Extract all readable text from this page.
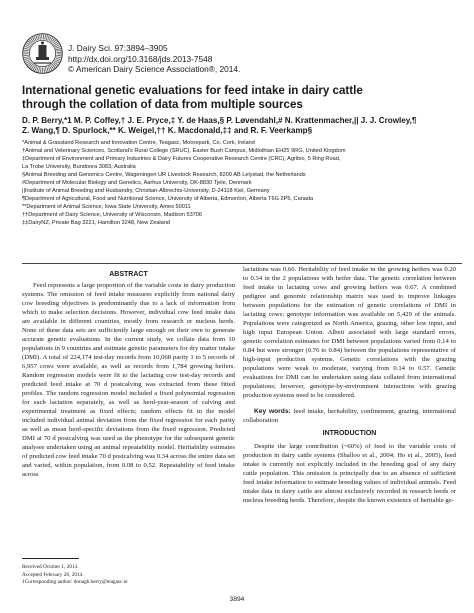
J. Dairy Sci. 97:3894–3905
http://dx.doi.org/10.3168/jds.2013-7548
© American Dairy Science Association®, 2014.
International genetic evaluations for feed intake in dairy cattle
through the collation of data from multiple sources
D. P. Berry,*1 M. P. Coffey,† J. E. Pryce,‡ Y. de Haas,§ P. Løvendahl,# N. Krattenmacher,|| J. J. Crowley,¶
Z. Wang,¶ D. Spurlock,** K. Weigel,†† K. Macdonald,‡‡ and R. F. Veerkamp§
*Animal & Grassland Research and Innovation Centre, Teagasc, Moorepark, Co. Cork, Ireland
†Animal and Veterinary Sciences, Scotland's Rural College (SRUC), Easter Bush Campus, Midlothian EH25 9RG, United Kingdom
‡Department of Environment and Primary Industries & Dairy Futures Cooperative Research Centre (CRC), Agribio, 5 Ring Road,
La Trobe University, Bundoora 3083, Australia
§Animal Breeding and Genomics Centre, Wageningen UR Livestock Research, 8200 AB Lelystad, the Netherlands
#Department of Molecular Biology and Genetics, Aarhus University, DK-8830 Tjele, Denmark
||Institute of Animal Breeding and Husbandry, Christian-Albrechts-University, D-24118 Kiel, Germany
¶Department of Agricultural, Food and Nutritional Science, University of Alberta, Edmonton, Alberta T6G 2P5, Canada
**Department of Animal Science, Iowa State University, Ames 50011
††Department of Dairy Science, University of Wisconsin, Madison 53706
‡‡DairyNZ, Private Bag 3221, Hamilton 3248, New Zealand
ABSTRACT
Feed represents a large proportion of the variable costs in dairy production systems. The omission of feed intake measures explicitly from national dairy cow breeding objectives is predominantly due to a lack of information from which to make selection decisions. However, individual cow feed intake data are available in different countries, mostly from research or nucleus herds. None of these data sets are sufficiently large enough on their own to generate accurate genetic evaluations. In the current study, we collate data from 10 populations in 9 countries and estimate genetic parameters for dry matter intake (DMI). A total of 224,174 test-day records from 10,068 parity 1 to 5 records of 6,957 cows were available, as well as records from 1,784 growing heifers. Random regression models were fit to the lactating cow test-day records and predicted feed intake at 70 d postcalving was extracted from these fitted profiles. The random regression model included a fixed polynomial regression for each lactation separately, as well as herd-year-season of calving and experimental treatment as fixed effects; random effects fit in the model included individual animal deviation from the fixed regression for each parity as well as mean herd-specific deviations from the fixed regression. Predicted DMI at 70 d postcalving was used as the phenotype for the subsequent genetic analyses undertaken using an animal repeatability model. Heritability estimates of predicted cow feed intake 70 d postcalving was 0.34 across the entire data set and varied, within population, from 0.08 to 0.52. Repeatability of feed intake across
lactations was 0.66. Heritability of feed intake in the growing heifers was 0.20 to 0.34 in the 2 populations with heifer data. The genetic correlation between feed intake in lactating cows and growing heifers was 0.67. A combined pedigree and genomic relationship matrix was used to improve linkages between populations for the estimation of genetic correlations of DMI in lactating cows; genotype information was available on 5,429 of the animals. Populations were categorized as North America, grazing, other low input, and high input European Union. Albeit associated with large standard errors, genetic correlation estimates for DMI between populations varied from 0.14 to 0.84 but were stronger (0.76 to 0.84) between the populations representative of high-input production systems. Genetic correlations with the grazing populations were weak to moderate, varying from 0.14 to 0.57. Genetic evaluations for DMI can be undertaken using data collated from international populations; however, genotype-by-environment interactions with grazing production systems need to be considered.
Key words: feed intake, heritability, confinement, grazing, international collaboration
INTRODUCTION
Despite the large contribution (~60%) of feed to the variable costs of production in dairy cattle systems (Shalloo et al., 2004; Ho et al., 2005), feed intake is currently not explicitly included in the breeding goal of any dairy cattle population. This omission is principally due to an absence of sufficient feed intake information to estimate breeding values of individual animals. Feed intake data in dairy cattle are almost exclusively recorded in research herds or nucleus breeding herds. Therefore, despite the known existence of heritable ge-
Received October 1, 2013.
Accepted February 28, 2014.
1Corresponding author: donagh.berry@teagasc.ie
3894
